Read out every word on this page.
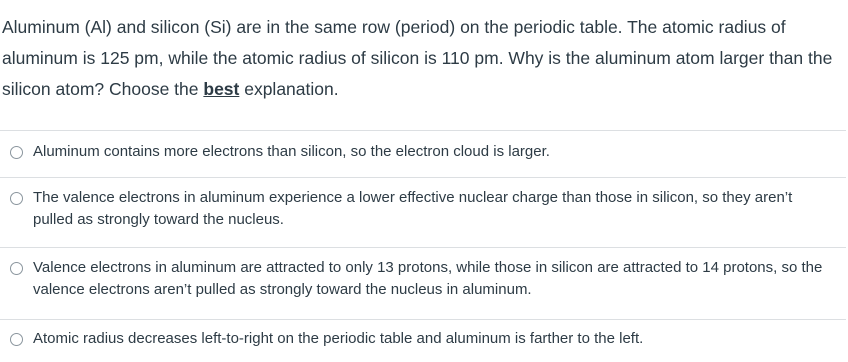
Aluminum (Al) and silicon (Si) are in the same row (period) on the periodic table. The atomic radius of aluminum is 125 pm, while the atomic radius of silicon is 110 pm. Why is the aluminum atom larger than the silicon atom? Choose the best explanation.

Aluminum contains more electrons than silicon, so the electron cloud is larger.
The valence electrons in aluminum experience a lower effective nuclear charge than those in silicon, so they aren’t pulled as strongly toward the nucleus.
Valence electrons in aluminum are attracted to only 13 protons, while those in silicon are attracted to 14 protons, so the valence electrons aren’t pulled as strongly toward the nucleus in aluminum.
Atomic radius decreases left-to-right on the periodic table and aluminum is farther to the left.
